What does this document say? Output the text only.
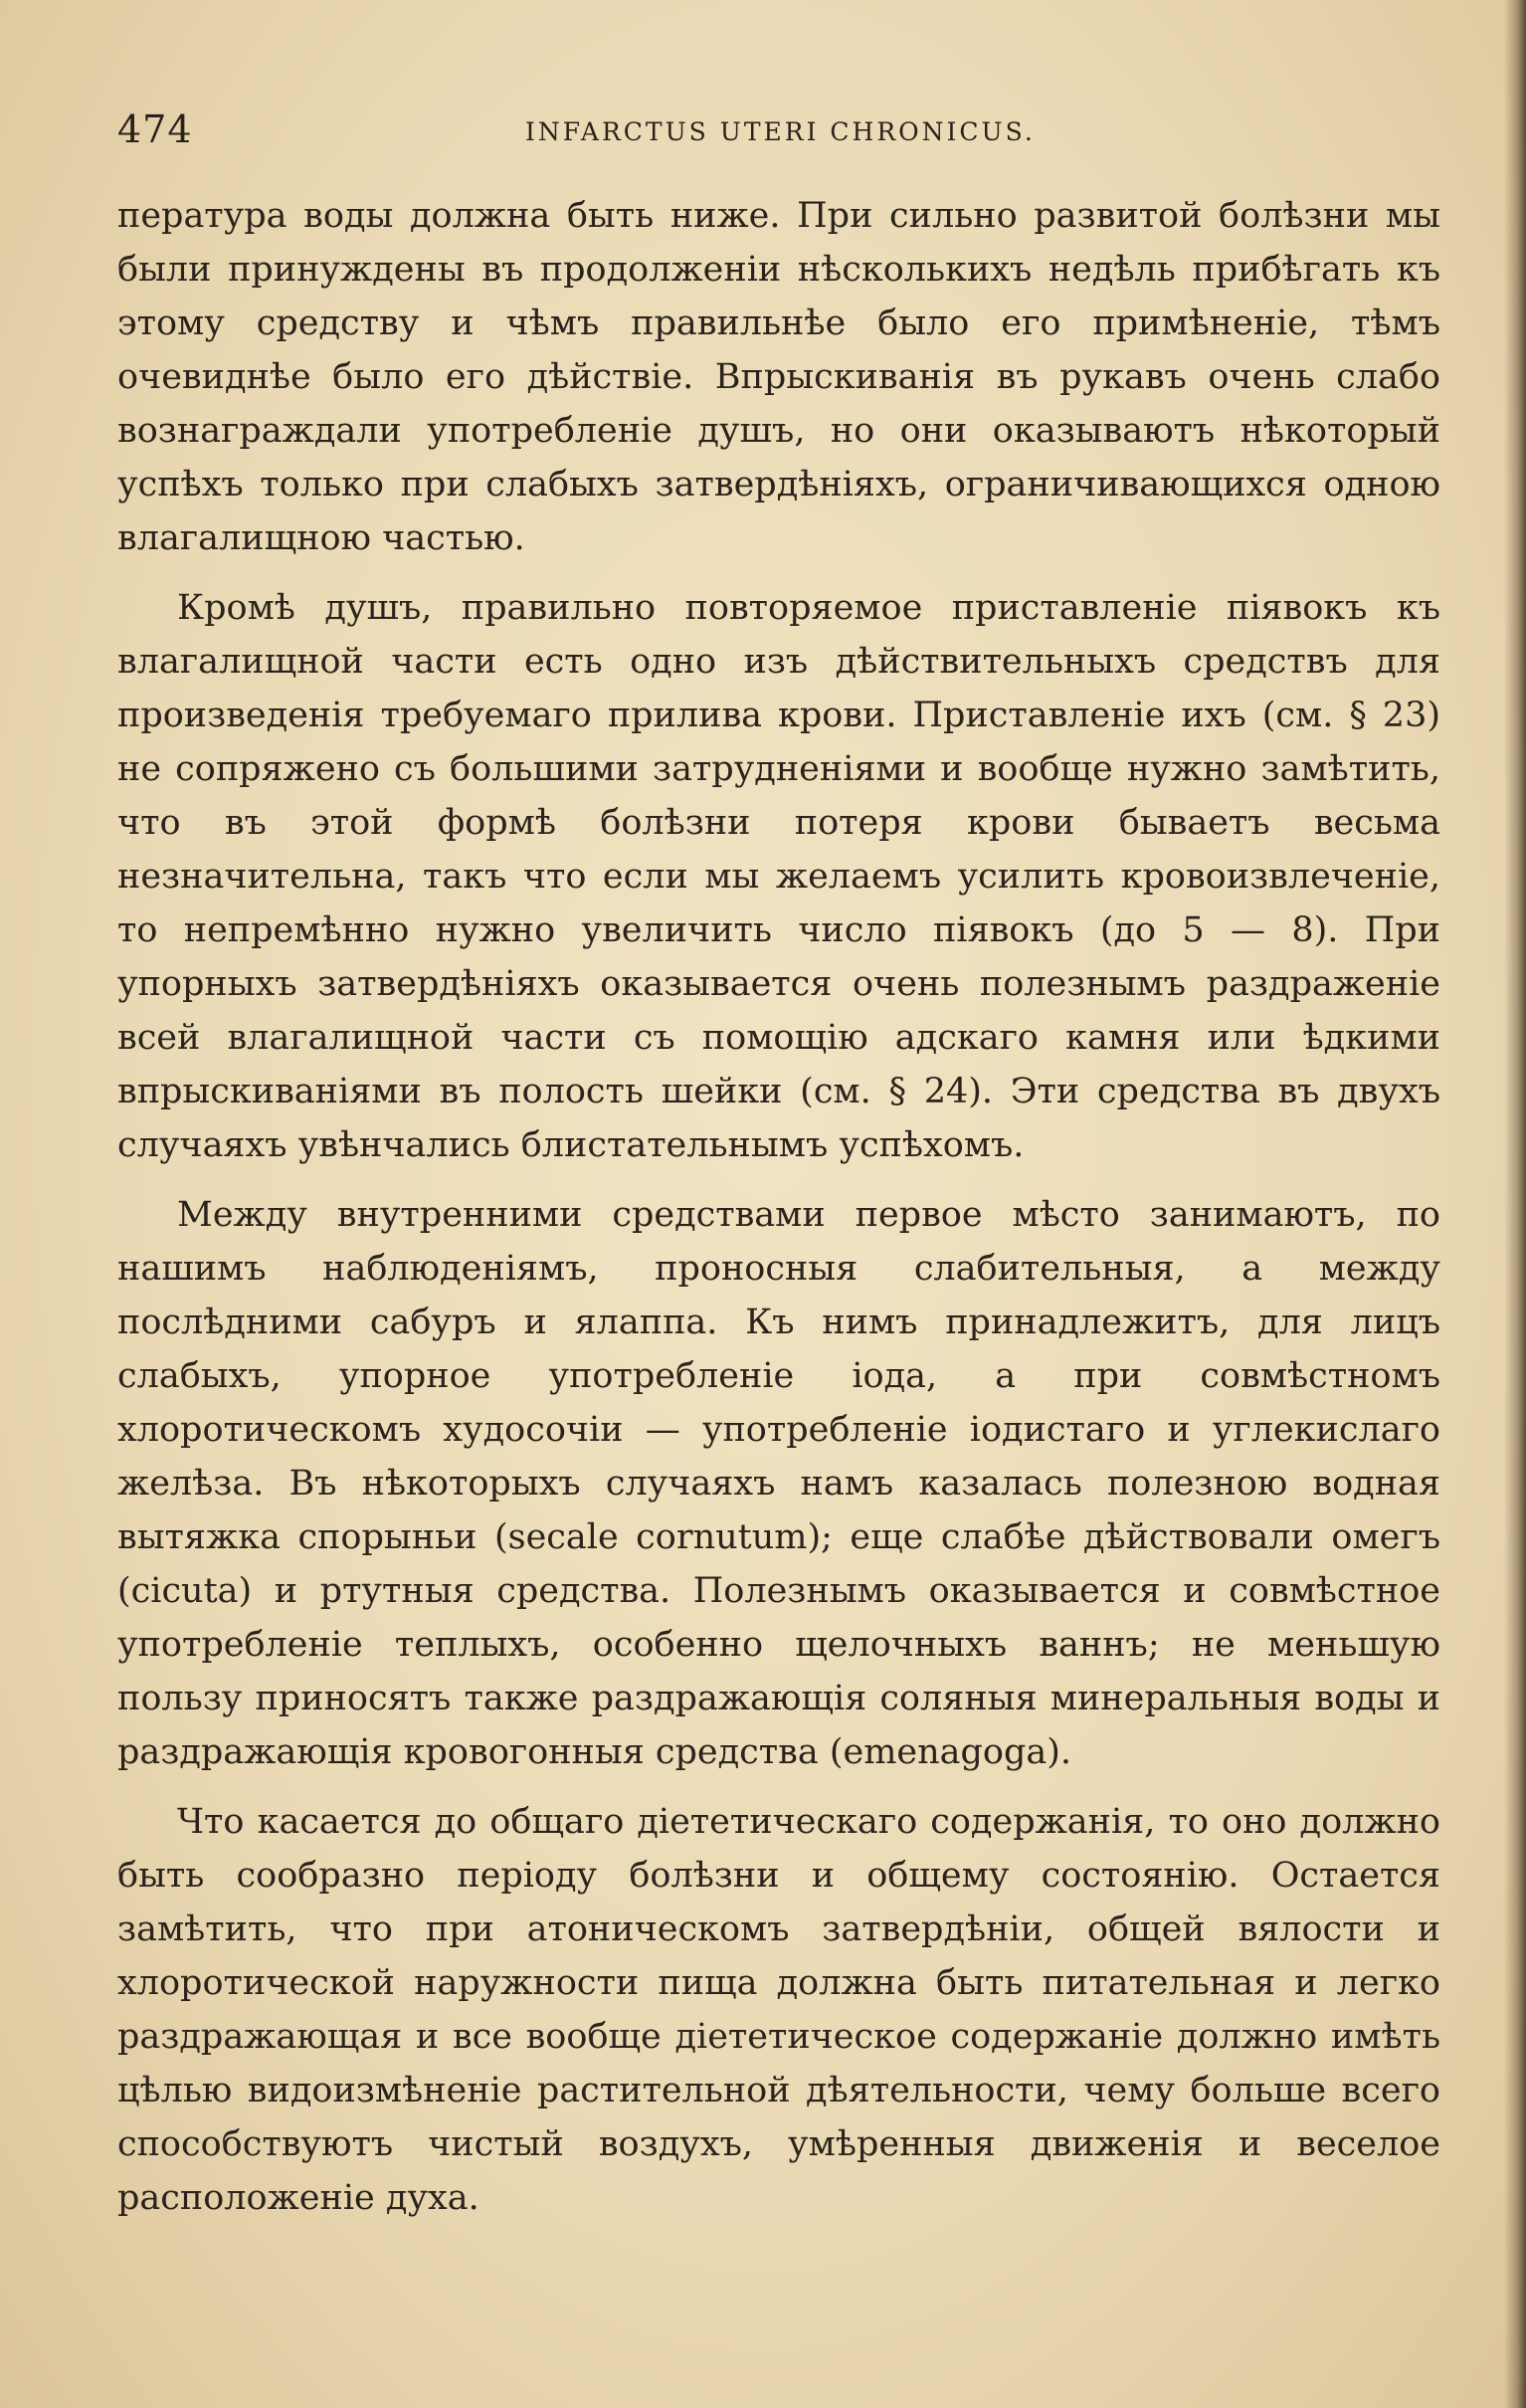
474	INFARCTUS UTERI CHRONICUS.

пература воды должна быть ниже. При сильно развитой болѣзни мы были принуждены въ продолженіи нѣсколькихъ недѣль прибѣгать къ этому средству и чѣмъ правильнѣе было его примѣненіе, тѣмъ очевиднѣе было его дѣйствіе. Впрыскиванія въ рукавъ очень слабо вознаграждали употребленіе душъ, но они оказываютъ нѣкоторый успѣхъ только при слабыхъ затвердѣніяхъ, ограничивающихся одною влагалищною частью.

Кромѣ душъ, правильно повторяемое приставленіе піявокъ къ влагалищной части есть одно изъ дѣйствительныхъ средствъ для произведенія требуемаго прилива крови. Приставленіе ихъ (см. § 23) не сопряжено съ большими затрудненіями и вообще нужно замѣтить, что въ этой формѣ болѣзни потеря крови бываетъ весьма незначительна, такъ что если мы желаемъ усилить кровоизвлеченіе, то непремѣнно нужно увеличить число піявокъ (до 5 — 8). При упорныхъ затвердѣніяхъ оказывается очень полезнымъ раздраженіе всей влагалищной части съ помощію адскаго камня или ѣдкими впрыскиваніями въ полость шейки (см. § 24). Эти средства въ двухъ случаяхъ увѣнчались блистательнымъ успѣхомъ.

Между внутренними средствами первое мѣсто занимаютъ, по нашимъ наблюденіямъ, проносныя слабительныя, а между послѣдними сабуръ и ялаппа. Къ нимъ принадлежитъ, для лицъ слабыхъ, упорное употребленіе іода, а при совмѣстномъ хлоротическомъ худосочіи — употребленіе іодистаго и углекислаго желѣза. Въ нѣкоторыхъ случаяхъ намъ казалась полезною водная вытяжка спорыньи (secale cornutum); еще слабѣе дѣйствовали омегъ (cicuta) и ртутныя средства. Полезнымъ оказывается и совмѣстное употребленіе теплыхъ, особенно щелочныхъ ваннъ; не меньшую пользу приносятъ также раздражающія соляныя минеральныя воды и раздражающія кровогонныя средства (emenagoga).

Что касается до общаго діететическаго содержанія, то оно должно быть сообразно періоду болѣзни и общему состоянію. Остается замѣтить, что при атоническомъ затвердѣніи, общей вялости и хлоротической наружности пища должна быть питательная и легко раздражающая и все вообще діететическое содержаніе должно имѣть цѣлью видоизмѣненіе растительной дѣятельности, чему больше всего способствуютъ чистый воздухъ, умѣренныя движенія и веселое расположеніе духа.
